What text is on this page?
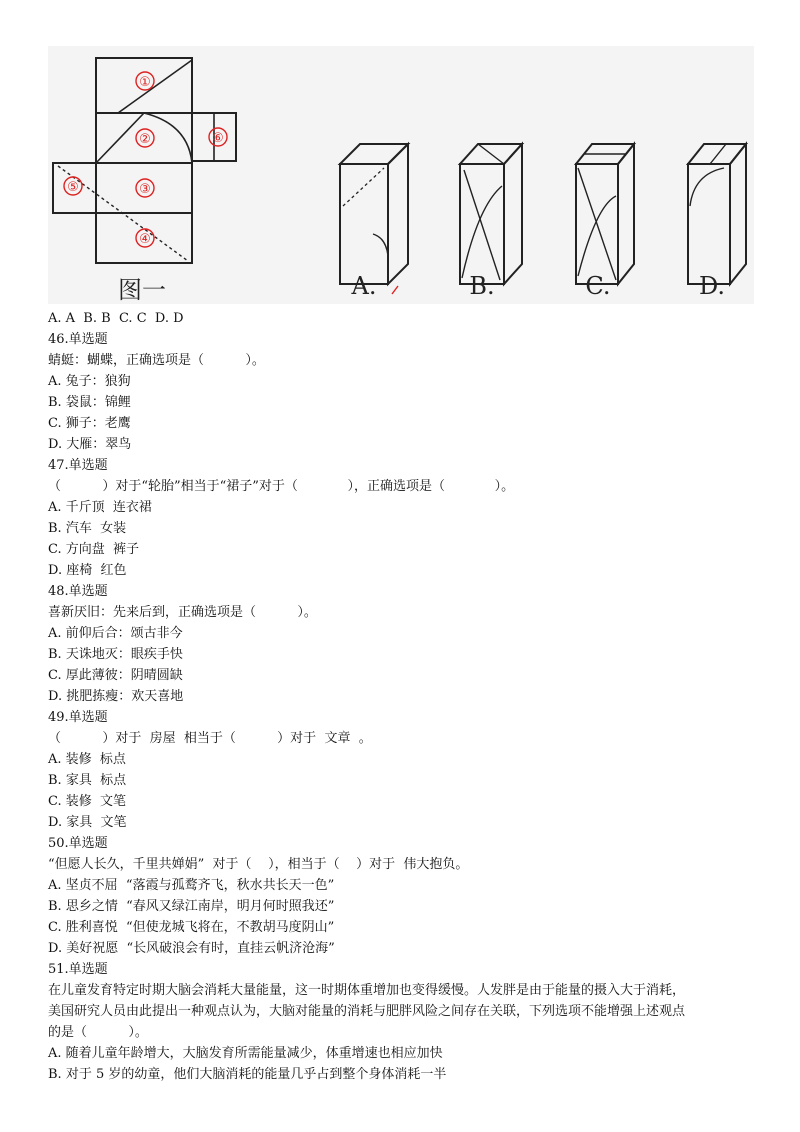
①
②
③
④
⑤
⑥
图一	A.	B.	C.	D.
A. A  B. B  C. C  D. D
46.单选题
蜻蜓：蝴蝶，正确选项是（          ）。
A. 兔子：狼狗
B. 袋鼠：锦鲤
C. 狮子：老鹰
D. 大雁：翠鸟
47.单选题
（          ）对于“轮胎”相当于“裙子”对于（            ），正确选项是（            ）。
A. 千斤顶  连衣裙
B. 汽车  女装
C. 方向盘  裤子
D. 座椅  红色
48.单选题
喜新厌旧：先来后到，正确选项是（          ）。
A. 前仰后合：颂古非今
B. 天诛地灭：眼疾手快
C. 厚此薄彼：阴晴圆缺
D. 挑肥拣瘦：欢天喜地
49.单选题
（          ）对于  房屋  相当于（          ）对于  文章  。
A. 装修  标点
B. 家具  标点
C. 装修  文笔
D. 家具  文笔
50.单选题
“但愿人长久，千里共婵娟”  对于（    ），相当于（    ）对于  伟大抱负。
A. 坚贞不屈  “落霞与孤鹜齐飞，秋水共长天一色”
B. 思乡之情  “春风又绿江南岸，明月何时照我还”
C. 胜利喜悦  “但使龙城飞将在，不教胡马度阴山”
D. 美好祝愿  “长风破浪会有时，直挂云帆济沧海”
51.单选题
在儿童发育特定时期大脑会消耗大量能量，这一时期体重增加也变得缓慢。人发胖是由于能量的摄入大于消耗，
美国研究人员由此提出一种观点认为，大脑对能量的消耗与肥胖风险之间存在关联，下列选项不能增强上述观点
的是（          ）。
A. 随着儿童年龄增大，大脑发育所需能量减少，体重增速也相应加快
B. 对于 5 岁的幼童，他们大脑消耗的能量几乎占到整个身体消耗一半
